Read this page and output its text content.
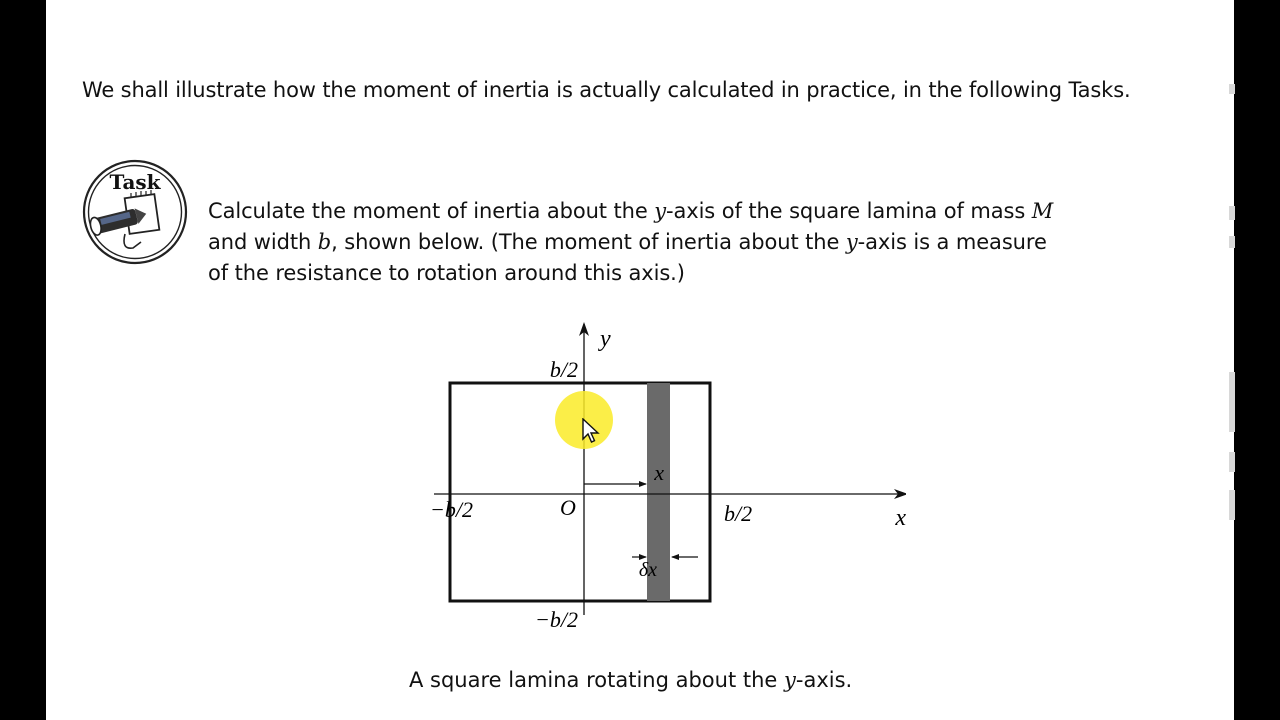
We shall illustrate how the moment of inertia is actually calculated in practice, in the following Tasks.
Task
Calculate the moment of inertia about the y-axis of the square lamina of mass M
and width b, shown below. (The moment of inertia about the y-axis is a measure
of the resistance to rotation around this axis.)
y
x
O
b/2
−b/2
−b/2	b/2
x
δx
A square lamina rotating about the y-axis.
